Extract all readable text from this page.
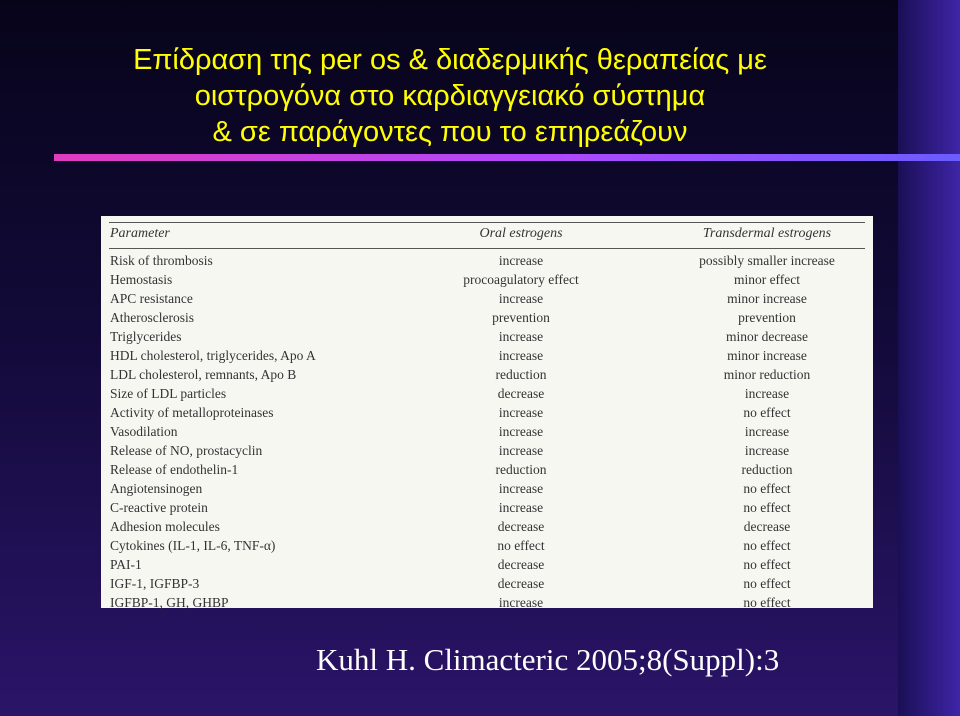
Επίδραση της per os & διαδερμικής θεραπείας με
οιστρογόνα στο καρδιαγγειακό σύστημα
& σε παράγοντες που το επηρεάζουν
Parameter	Oral estrogens	Transdermal estrogens
Risk of thrombosis	increase	possibly smaller increase
Hemostasis	procoagulatory effect	minor effect
APC resistance	increase	minor increase
Atherosclerosis	prevention	prevention
Triglycerides	increase	minor decrease
HDL cholesterol, triglycerides, Apo A	increase	minor increase
LDL cholesterol, remnants, Apo B	reduction	minor reduction
Size of LDL particles	decrease	increase
Activity of metalloproteinases	increase	no effect
Vasodilation	increase	increase
Release of NO, prostacyclin	increase	increase
Release of endothelin-1	reduction	reduction
Angiotensinogen	increase	no effect
C-reactive protein	increase	no effect
Adhesion molecules	decrease	decrease
Cytokines (IL-1, IL-6, TNF-α)	no effect	no effect
PAI-1	decrease	no effect
IGF-1, IGFBP-3	decrease	no effect
IGFBP-1, GH, GHBP	increase	no effect
Kuhl H. Climacteric 2005;8(Suppl):3
